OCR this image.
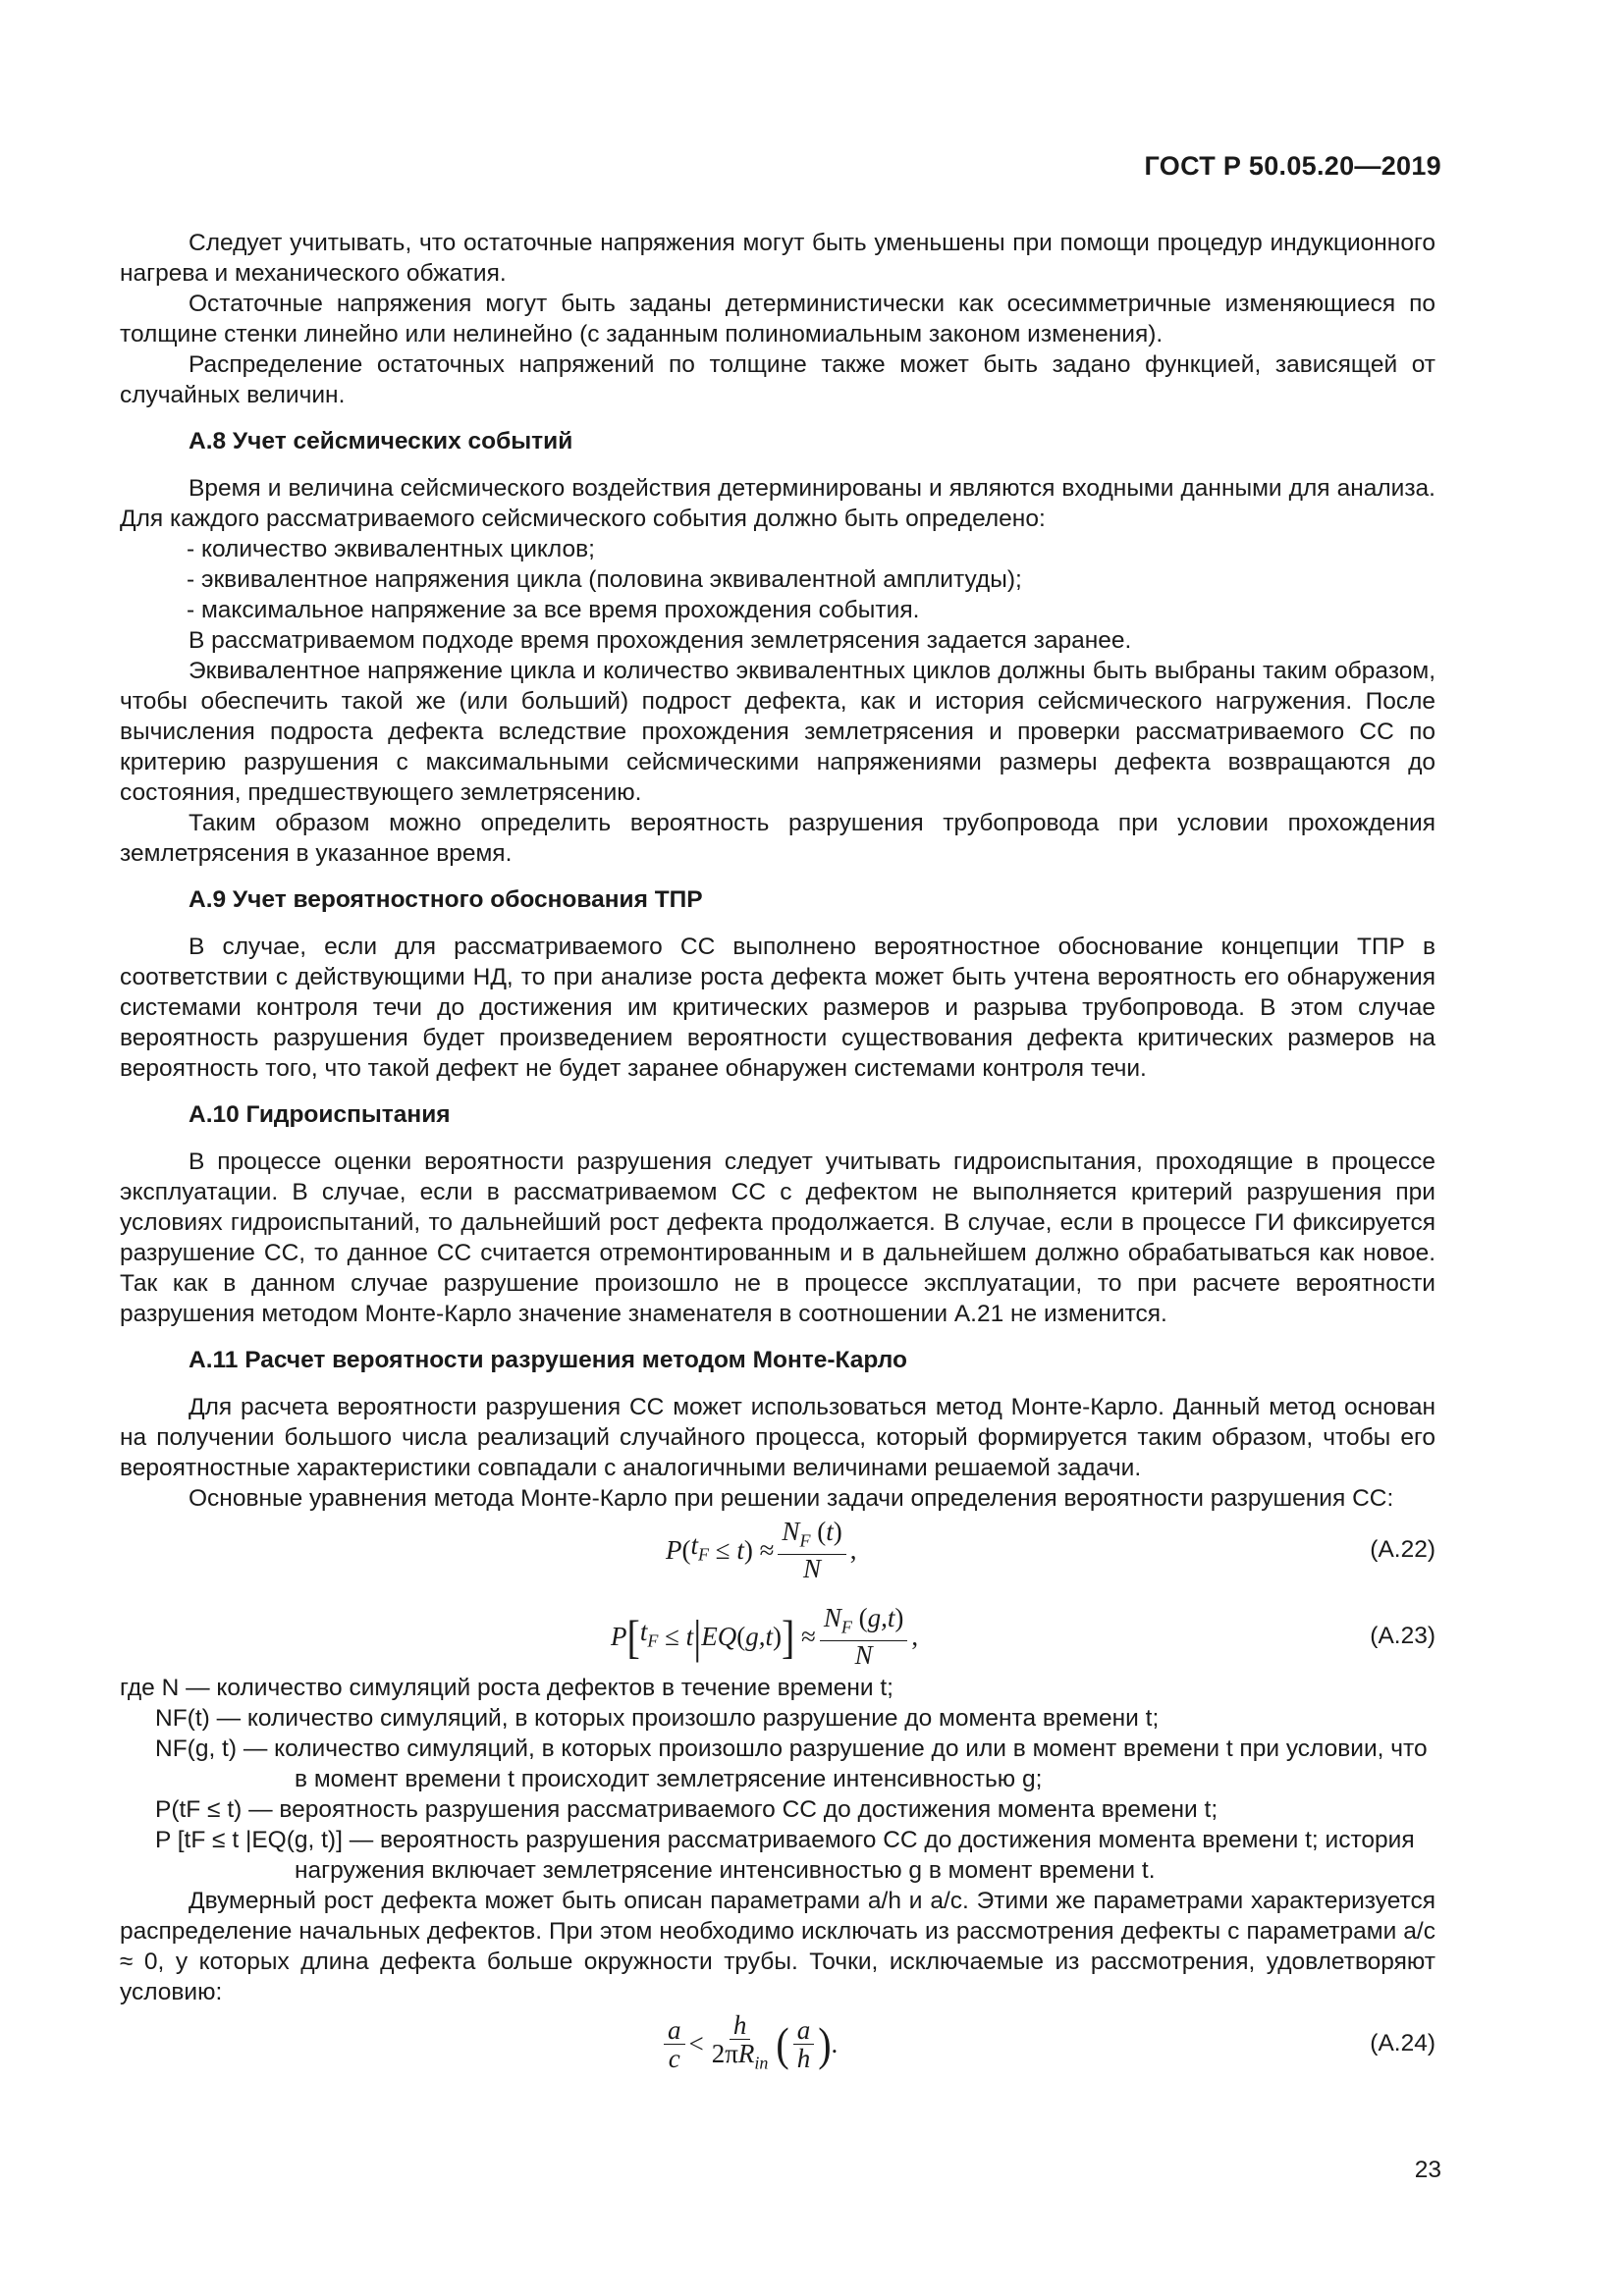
ГОСТ Р 50.05.20—2019

Следует учитывать, что остаточные напряжения могут быть уменьшены при помощи процедур индукционного нагрева и механического обжатия.

Остаточные напряжения могут быть заданы детерминистически как осесимметричные изменяющиеся по толщине стенки линейно или нелинейно (с заданным полиномиальным законом изменения).

Распределение остаточных напряжений по толщине также может быть задано функцией, зависящей от случайных величин.

А.8 Учет сейсмических событий

Время и величина сейсмического воздействия детерминированы и являются входными данными для анализа. Для каждого рассматриваемого сейсмического события должно быть определено:

- количество эквивалентных циклов;
- эквивалентное напряжения цикла (половина эквивалентной амплитуды);
- максимальное напряжение за все время прохождения события.

В рассматриваемом подходе время прохождения землетрясения задается заранее.

Эквивалентное напряжение цикла и количество эквивалентных циклов должны быть выбраны таким образом, чтобы обеспечить такой же (или больший) подрост дефекта, как и история сейсмического нагружения. После вычисления подроста дефекта вследствие прохождения землетрясения и проверки рассматриваемого СС по критерию разрушения с максимальными сейсмическими напряжениями размеры дефекта возвращаются до состояния, предшествующего землетрясению.

Таким образом можно определить вероятность разрушения трубопровода при условии прохождения землетрясения в указанное время.

А.9 Учет вероятностного обоснования ТПР

В случае, если для рассматриваемого СС выполнено вероятностное обоснование концепции ТПР в соответствии с действующими НД, то при анализе роста дефекта может быть учтена вероятность его обнаружения системами контроля течи до достижения им критических размеров и разрыва трубопровода. В этом случае вероятность разрушения будет произведением вероятности существования дефекта критических размеров на вероятность того, что такой дефект не будет заранее обнаружен системами контроля течи.

А.10 Гидроиспытания

В процессе оценки вероятности разрушения следует учитывать гидроиспытания, проходящие в процессе эксплуатации. В случае, если в рассматриваемом СС с дефектом не выполняется критерий разрушения при условиях гидроиспытаний, то дальнейший рост дефекта продолжается. В случае, если в процессе ГИ фиксируется разрушение СС, то данное СС считается отремонтированным и в дальнейшем должно обрабатываться как новое. Так как в данном случае разрушение произошло не в процессе эксплуатации, то при расчете вероятности разрушения методом Монте-Карло значение знаменателя в соотношении А.21 не изменится.

А.11 Расчет вероятности разрушения методом Монте-Карло

Для расчета вероятности разрушения СС может использоваться метод Монте-Карло. Данный метод основан на получении большого числа реализаций случайного процесса, который формируется таким образом, чтобы его вероятностные характеристики совпадали с аналогичными величинами решаемой задачи.

Основные уравнения метода Монте-Карло при решении задачи определения вероятности разрушения СС:

P ( $t_F \le t$ ) ≈ $\frac{N_F (t)}{N}$ ,	(А.22)
P [ $t_F \le t$ | EQ ( g,t ) ] ≈ $\frac{N_F (g,t)}{N}$ ,	(А.23)

где N — количество симуляций роста дефектов в течение времени t;

NF(t) — количество симуляций, в которых произошло разрушение до момента времени t;

NF(g, t) — количество симуляций, в которых произошло разрушение до или в момент времени t при условии, что

в момент времени t происходит землетрясение интенсивностью g;

P(tF ≤ t) — вероятность разрушения рассматриваемого СС до достижения момента времени t;

P [tF ≤ t |EQ(g, t)] — вероятность разрушения рассматриваемого СС до достижения момента времени t; история

нагружения включает землетрясение интенсивностью g в момент времени t.

Двумерный рост дефекта может быть описан параметрами a/h и a/c. Этими же параметрами характеризуется распределение начальных дефектов. При этом необходимо исключать из рассмотрения дефекты с параметрами a/c ≈ 0, у которых длина дефекта больше окружности трубы. Точки, исключаемые из рассмотрения, удовлетворяют условию:

$\frac{a}{c} < \frac{h}{2\pi R_{in}}$ ( $\frac{a}{h}$ ) .	(А.24)
23
